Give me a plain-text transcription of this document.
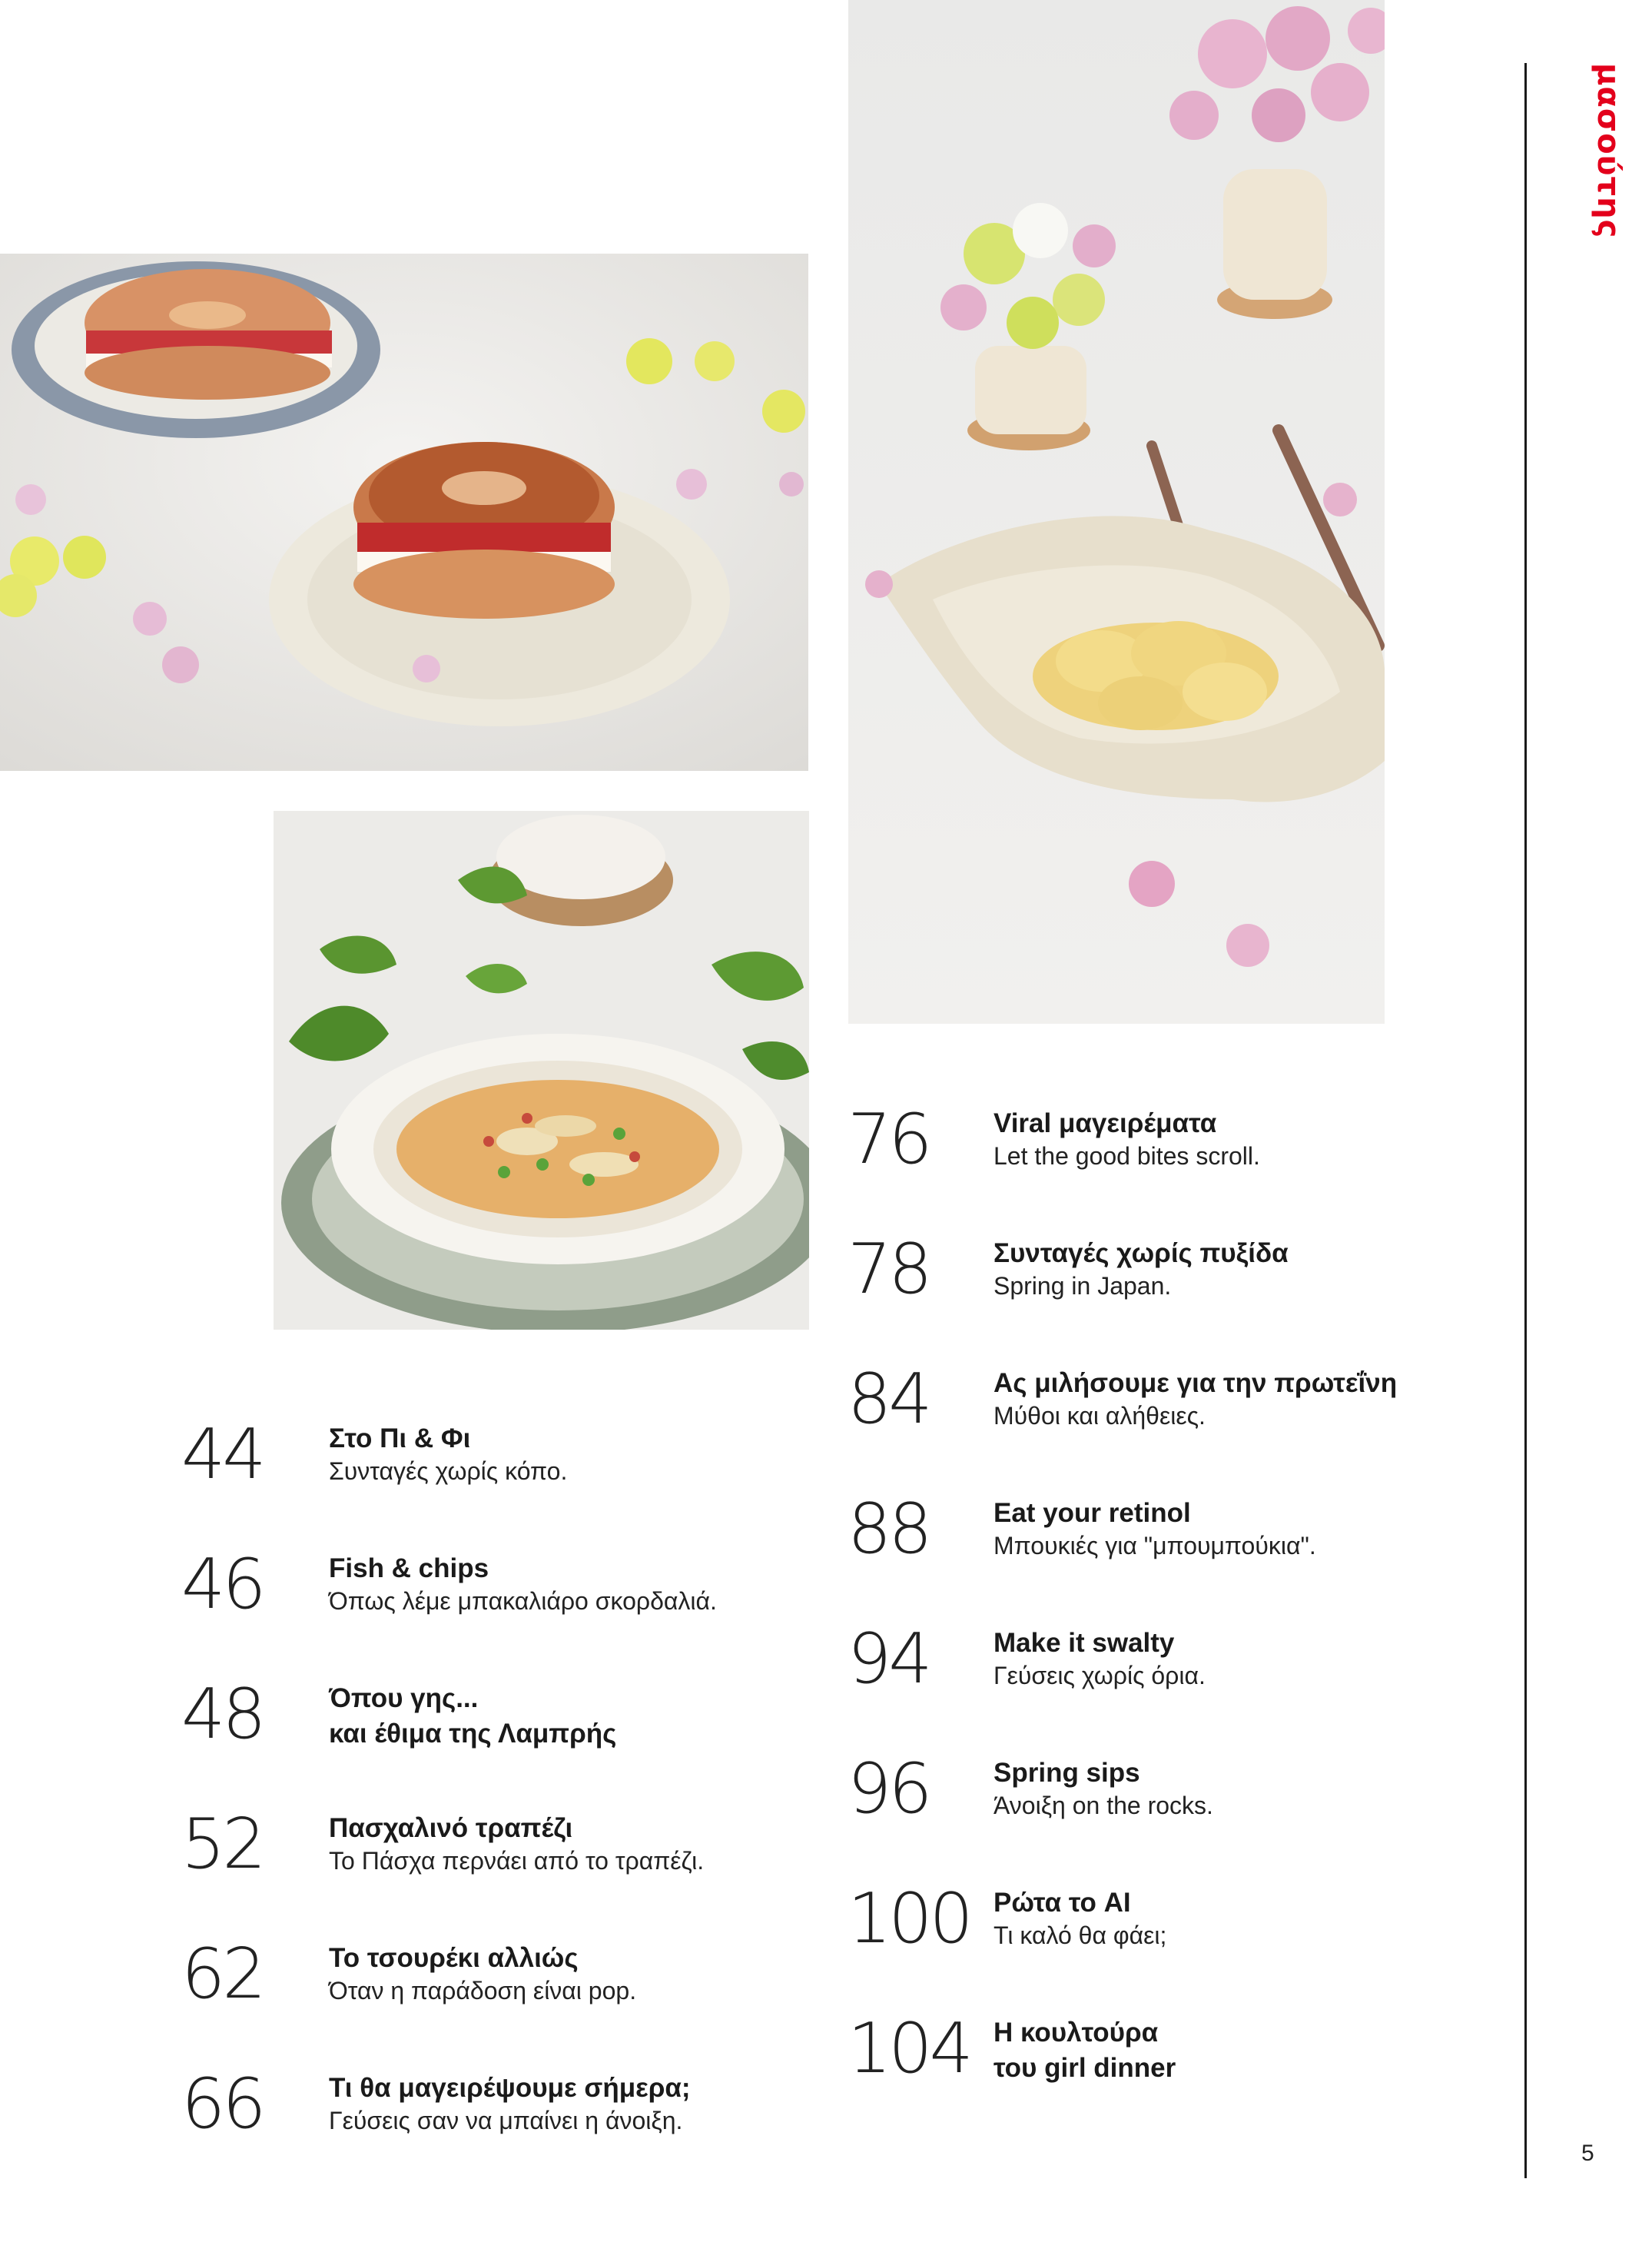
μασούτης
44 Στο Πι & Φι
Συνταγές χωρίς κόπο.
46 Fish & chips
Όπως λέμε μπακαλιάρο σκορδαλιά.
48 Όπου γης...
και έθιμα της Λαμπρής
52 Πασχαλινό τραπέζι
Το Πάσχα περνάει από το τραπέζι.
62 Το τσουρέκι αλλιώς
Όταν η παράδοση είναι pop.
66 Τι θα μαγειρέψουμε σήμερα;
Γεύσεις σαν να μπαίνει η άνοιξη.
76 Viral μαγειρέματα
Let the good bites scroll.
78 Συνταγές χωρίς πυξίδα
Spring in Japan.
84 Ας μιλήσουμε για την πρωτεΐνη
Μύθοι και αλήθειες.
88 Eat your retinol
Μπουκιές για "μπουμπούκια".
94 Make it swalty
Γεύσεις χωρίς όρια.
96 Spring sips
Άνοιξη on the rocks.
100 Ρώτα το AI
Τι καλό θα φάει;
104 Η κουλτούρα
του girl dinner
5
